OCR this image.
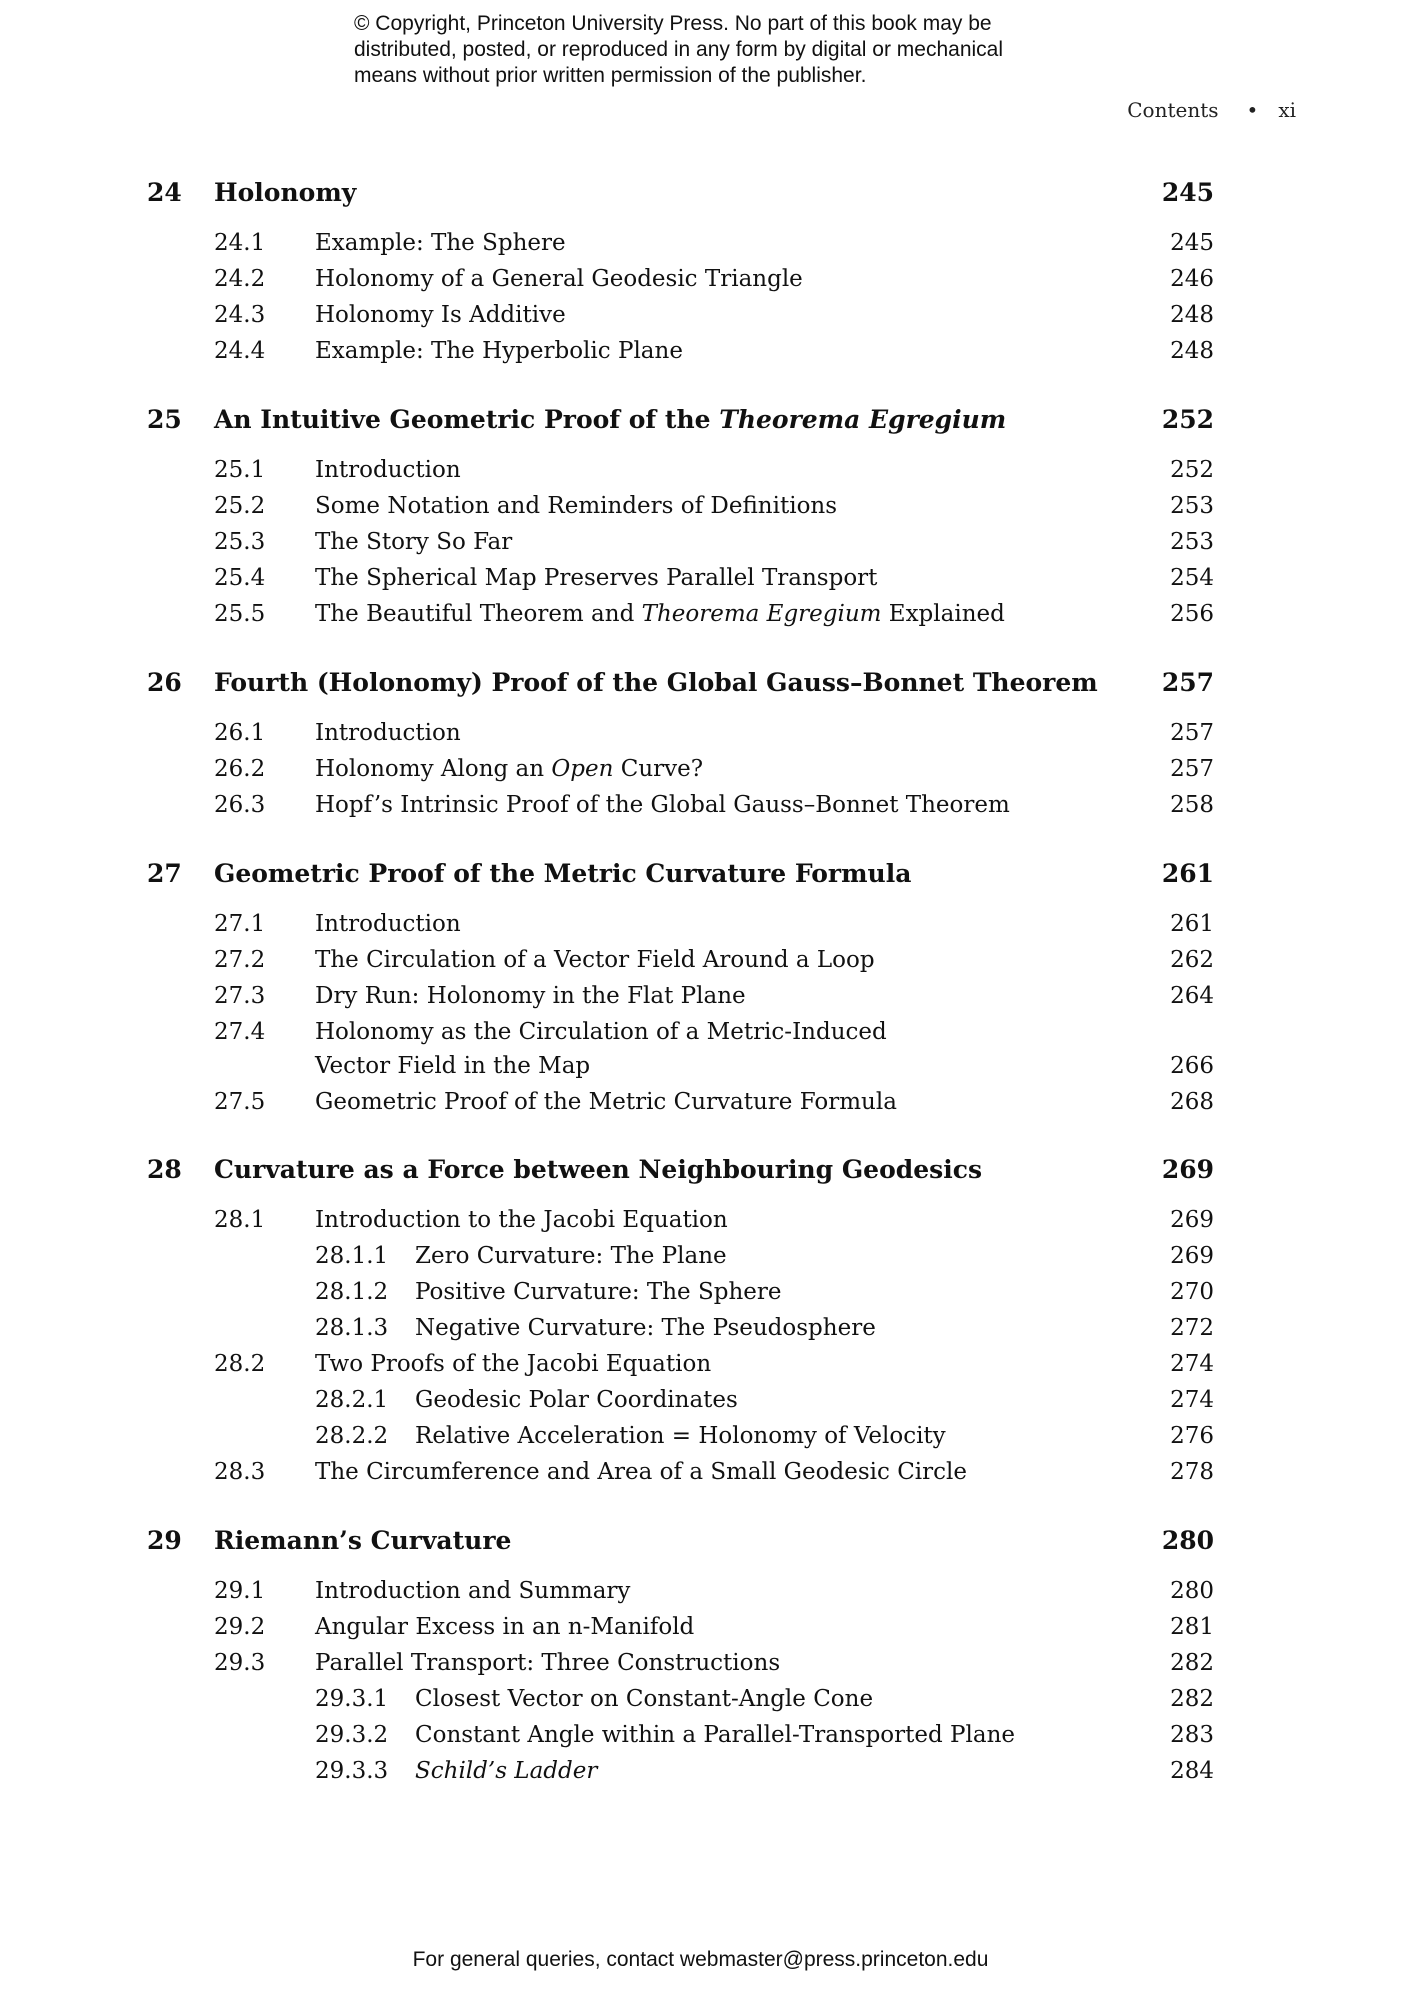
© Copyright, Princeton University Press. No part of this book may be
distributed, posted, or reproduced in any form by digital or mechanical
means without prior written permission of the publisher.
Contents • xi
24 Holonomy	245
24.1 Example: The Sphere	245
24.2 Holonomy of a General Geodesic Triangle	246
24.3 Holonomy Is Additive	248
24.4 Example: The Hyperbolic Plane	248
25 An Intuitive Geometric Proof of the Theorema Egregium	252
25.1 Introduction	252
25.2 Some Notation and Reminders of Definitions	253
25.3 The Story So Far	253
25.4 The Spherical Map Preserves Parallel Transport	254
25.5 The Beautiful Theorem and Theorema Egregium Explained	256
26 Fourth (Holonomy) Proof of the Global Gauss–Bonnet Theorem	257
26.1 Introduction	257
26.2 Holonomy Along an Open Curve?	257
26.3 Hopf’s Intrinsic Proof of the Global Gauss–Bonnet Theorem	258
27 Geometric Proof of the Metric Curvature Formula	261
27.1 Introduction	261
27.2 The Circulation of a Vector Field Around a Loop	262
27.3 Dry Run: Holonomy in the Flat Plane	264
27.4 Holonomy as the Circulation of a Metric-Induced
Vector Field in the Map	266
27.5 Geometric Proof of the Metric Curvature Formula	268
28 Curvature as a Force between Neighbouring Geodesics	269
28.1 Introduction to the Jacobi Equation	269
28.1.1 Zero Curvature: The Plane	269
28.1.2 Positive Curvature: The Sphere	270
28.1.3 Negative Curvature: The Pseudosphere	272
28.2 Two Proofs of the Jacobi Equation	274
28.2.1 Geodesic Polar Coordinates	274
28.2.2 Relative Acceleration = Holonomy of Velocity	276
28.3 The Circumference and Area of a Small Geodesic Circle	278
29 Riemann’s Curvature	280
29.1 Introduction and Summary	280
29.2 Angular Excess in an n-Manifold	281
29.3 Parallel Transport: Three Constructions	282
29.3.1 Closest Vector on Constant-Angle Cone	282
29.3.2 Constant Angle within a Parallel-Transported Plane	283
29.3.3 Schild’s Ladder	284
For general queries, contact webmaster@press.princeton.edu
